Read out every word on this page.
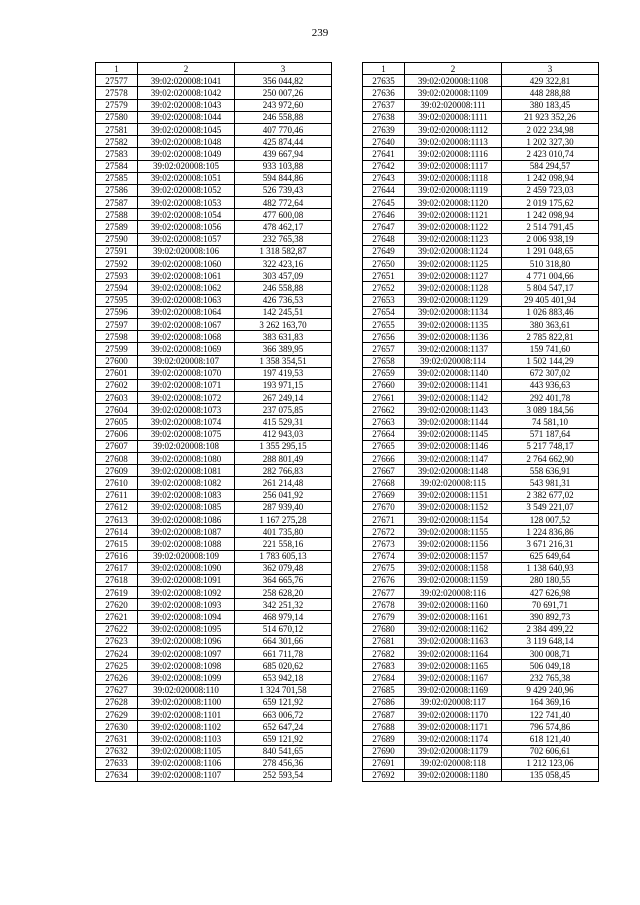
239
1	2	3
27577	39:02:020008:1041	356 044,82
27578	39:02:020008:1042	250 007,26
27579	39:02:020008:1043	243 972,60
27580	39:02:020008:1044	246 558,88
27581	39:02:020008:1045	407 770,46
27582	39:02:020008:1048	425 874,44
27583	39:02:020008:1049	439 667,94
27584	39:02:020008:105	933 103,88
27585	39:02:020008:1051	594 844,86
27586	39:02:020008:1052	526 739,43
27587	39:02:020008:1053	482 772,64
27588	39:02:020008:1054	477 600,08
27589	39:02:020008:1056	478 462,17
27590	39:02:020008:1057	232 765,38
27591	39:02:020008:106	1 318 582,87
27592	39:02:020008:1060	322 423,16
27593	39:02:020008:1061	303 457,09
27594	39:02:020008:1062	246 558,88
27595	39:02:020008:1063	426 736,53
27596	39:02:020008:1064	142 245,51
27597	39:02:020008:1067	3 262 163,70
27598	39:02:020008:1068	383 631,83
27599	39:02:020008:1069	366 389,95
27600	39:02:020008:107	1 358 354,51
27601	39:02:020008:1070	197 419,53
27602	39:02:020008:1071	193 971,15
27603	39:02:020008:1072	267 249,14
27604	39:02:020008:1073	237 075,85
27605	39:02:020008:1074	415 529,31
27606	39:02:020008:1075	412 943,03
27607	39:02:020008:108	1 355 295,15
27608	39:02:020008:1080	288 801,49
27609	39:02:020008:1081	282 766,83
27610	39:02:020008:1082	261 214,48
27611	39:02:020008:1083	256 041,92
27612	39:02:020008:1085	287 939,40
27613	39:02:020008:1086	1 167 275,28
27614	39:02:020008:1087	401 735,80
27615	39:02:020008:1088	221 558,16
27616	39:02:020008:109	1 783 605,13
27617	39:02:020008:1090	362 079,48
27618	39:02:020008:1091	364 665,76
27619	39:02:020008:1092	258 628,20
27620	39:02:020008:1093	342 251,32
27621	39:02:020008:1094	468 979,14
27622	39:02:020008:1095	514 670,12
27623	39:02:020008:1096	664 301,66
27624	39:02:020008:1097	661 711,78
27625	39:02:020008:1098	685 020,62
27626	39:02:020008:1099	653 942,18
27627	39:02:020008:110	1 324 701,58
27628	39:02:020008:1100	659 121,92
27629	39:02:020008:1101	663 006,72
27630	39:02:020008:1102	652 647,24
27631	39:02:020008:1103	659 121,92
27632	39:02:020008:1105	840 541,65
27633	39:02:020008:1106	278 456,36
27634	39:02:020008:1107	252 593,54
1	2	3
27635	39:02:020008:1108	429 322,81
27636	39:02:020008:1109	448 288,88
27637	39:02:020008:111	380 183,45
27638	39:02:020008:1111	21 923 352,26
27639	39:02:020008:1112	2 022 234,98
27640	39:02:020008:1113	1 202 327,30
27641	39:02:020008:1116	2 423 010,74
27642	39:02:020008:1117	584 294,57
27643	39:02:020008:1118	1 242 098,94
27644	39:02:020008:1119	2 459 723,03
27645	39:02:020008:1120	2 019 175,62
27646	39:02:020008:1121	1 242 098,94
27647	39:02:020008:1122	2 514 791,45
27648	39:02:020008:1123	2 006 938,19
27649	39:02:020008:1124	1 291 048,65
27650	39:02:020008:1125	510 318,80
27651	39:02:020008:1127	4 771 004,66
27652	39:02:020008:1128	5 804 547,17
27653	39:02:020008:1129	29 405 401,94
27654	39:02:020008:1134	1 026 883,46
27655	39:02:020008:1135	380 363,61
27656	39:02:020008:1136	2 785 822,81
27657	39:02:020008:1137	159 741,60
27658	39:02:020008:114	1 502 144,29
27659	39:02:020008:1140	672 307,02
27660	39:02:020008:1141	443 936,63
27661	39:02:020008:1142	292 401,78
27662	39:02:020008:1143	3 089 184,56
27663	39:02:020008:1144	74 581,10
27664	39:02:020008:1145	571 187,64
27665	39:02:020008:1146	5 217 748,17
27666	39:02:020008:1147	2 764 662,90
27667	39:02:020008:1148	558 636,91
27668	39:02:020008:115	543 981,31
27669	39:02:020008:1151	2 382 677,02
27670	39:02:020008:1152	3 549 221,07
27671	39:02:020008:1154	128 007,52
27672	39:02:020008:1155	1 224 836,86
27673	39:02:020008:1156	3 671 216,31
27674	39:02:020008:1157	625 649,64
27675	39:02:020008:1158	1 138 640,93
27676	39:02:020008:1159	280 180,55
27677	39:02:020008:116	427 626,98
27678	39:02:020008:1160	70 691,71
27679	39:02:020008:1161	390 892,73
27680	39:02:020008:1162	2 384 499,22
27681	39:02:020008:1163	3 119 648,14
27682	39:02:020008:1164	300 008,71
27683	39:02:020008:1165	506 049,18
27684	39:02:020008:1167	232 765,38
27685	39:02:020008:1169	9 429 240,96
27686	39:02:020008:117	164 369,16
27687	39:02:020008:1170	122 741,40
27688	39:02:020008:1171	796 574,86
27689	39:02:020008:1174	618 121,40
27690	39:02:020008:1179	702 606,61
27691	39:02:020008:118	1 212 123,06
27692	39:02:020008:1180	135 058,45
